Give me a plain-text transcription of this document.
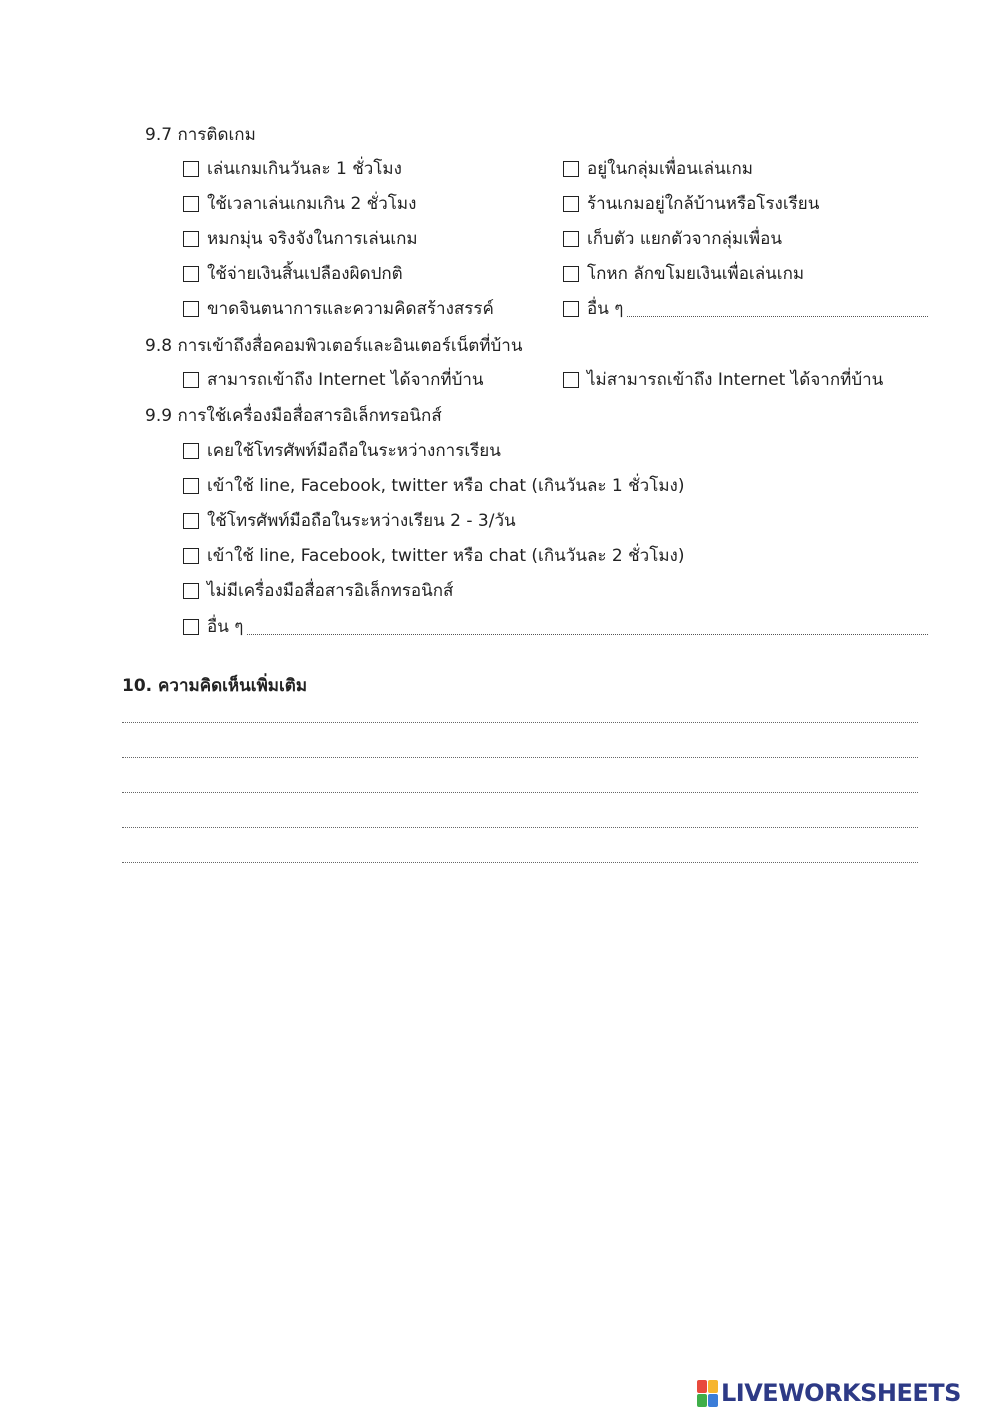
9.7 การติดเกม
เล่นเกมเกินวันละ 1 ชั่วโมง
ใช้เวลาเล่นเกมเกิน 2 ชั่วโมง
หมกมุ่น จริงจังในการเล่นเกม
ใช้จ่ายเงินสิ้นเปลืองผิดปกติ
ขาดจินตนาการและความคิดสร้างสรรค์
อยู่ในกลุ่มเพื่อนเล่นเกม
ร้านเกมอยู่ใกล้บ้านหรือโรงเรียน
เก็บตัว แยกตัวจากลุ่มเพื่อน
โกหก ลักขโมยเงินเพื่อเล่นเกม
อื่น ๆ
9.8 การเข้าถึงสื่อคอมพิวเตอร์และอินเตอร์เน็ตที่บ้าน
สามารถเข้าถึง Internet ได้จากที่บ้าน	ไม่สามารถเข้าถึง Internet ได้จากที่บ้าน
9.9 การใช้เครื่องมือสื่อสารอิเล็กทรอนิกส์
เคยใช้โทรศัพท์มือถือในระหว่างการเรียน
เข้าใช้ line, Facebook, twitter หรือ chat (เกินวันละ 1 ชั่วโมง)
ใช้โทรศัพท์มือถือในระหว่างเรียน 2 - 3/วัน
เข้าใช้ line, Facebook, twitter หรือ chat (เกินวันละ 2 ชั่วโมง)
ไม่มีเครื่องมือสื่อสารอิเล็กทรอนิกส์
อื่น ๆ
10. ความคิดเห็นเพิ่มเติม
LIVEWORKSHEETS
